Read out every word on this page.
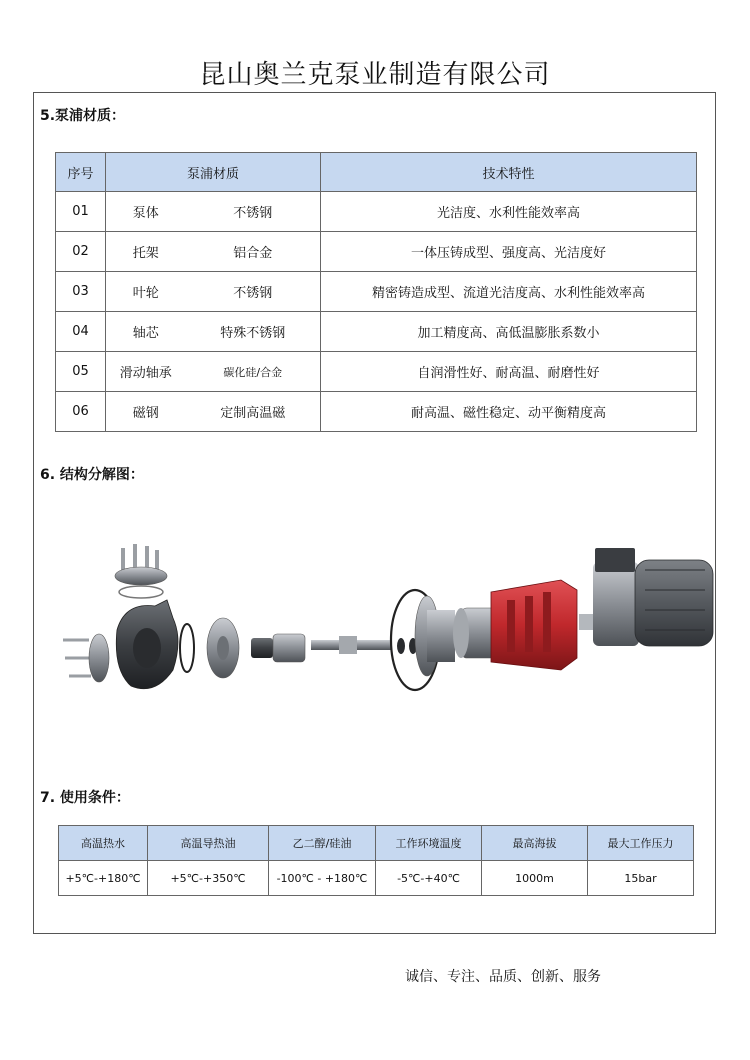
昆山奥兰克泵业制造有限公司
5.泵浦材质：
序号	泵浦材质		技术特性
01	泵体	不锈钢	光洁度、水利性能效率高
02	托架	铝合金	一体压铸成型、强度高、光洁度好
03	叶轮	不锈钢	精密铸造成型、流道光洁度高、水利性能效率高
04	轴芯	特殊不锈钢	加工精度高、高低温膨胀系数小
05	滑动轴承	碳化硅/合金	自润滑性好、耐高温、耐磨性好
06	磁钢	定制高温磁	耐高温、磁性稳定、动平衡精度高
6. 结构分解图：
7. 使用条件：
高温热水	高温导热油	乙二醇/硅油	工作环境温度	最高海拔	最大工作压力
+5℃-+180℃	+5℃-+350℃	-100℃ - +180℃	-5℃-+40℃	1000m	15bar
诚信、专注、品质、创新、服务
